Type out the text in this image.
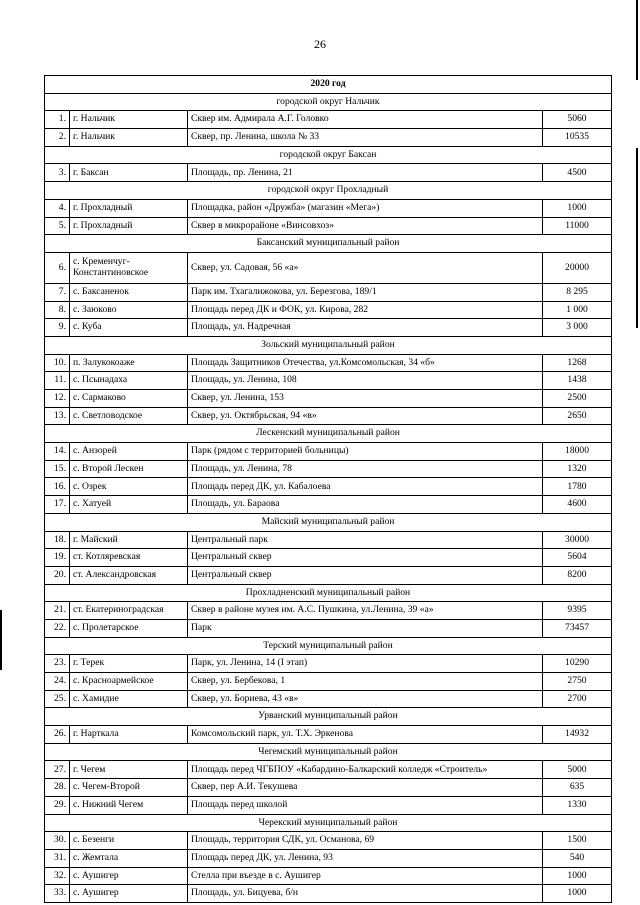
26
2020 год			
городской округ Нальчик			
1.	г. Нальчик	Сквер им. Адмирала А.Г. Головко	5060
2.	г. Нальчик	Сквер, пр. Ленина, школа № 33	10535
городской округ Баксан			
3.	г. Баксан	Площадь, пр. Ленина, 21	4500
городской округ Прохладный			
4.	г. Прохладный	Площадка, район «Дружба» (магазин «Мега»)	1000
5.	г. Прохладный	Сквер в микрорайоне «Винсовхоз»	11000
Баксанский муниципальный район			
6.	с. Кременчуг-Константиновское	Сквер, ул. Садовая, 56 «а»	20000
7.	с. Баксаненок	Парк им. Тхагалижокова, ул. Березгова, 189/1	8 295
8.	с. Заюково	Площадь перед ДК и ФОК, ул. Кирова, 282	1 000
9.	с. Куба	Площадь, ул. Надречная	3 000
Зольский муниципальный район			
10.	п. Залукокоаже	Площадь Защитников Отечества, ул.Комсомольская, 34 «б»	1268
11.	с. Псынадаха	Площадь, ул. Ленина, 108	1438
12.	с. Сармаково	Сквер, ул. Ленина, 153	2500
13.	с. Светловодское	Сквер, ул. Октябрьская, 94 «в»	2650
Лескенский муниципальный район			
14.	с. Анзорей	Парк (рядом с территорией больницы)	18000
15.	с. Второй Лескен	Площадь, ул. Ленина, 78	1320
16.	с. Озрек	Площадь перед ДК, ул. Кабалоева	1780
17.	с. Хатуей	Площадь, ул. Бараова	4600
Майский муниципальный район			
18.	г. Майский	Центральный парк	30000
19.	ст. Котляревская	Центральный сквер	5604
20.	ст. Александровская	Центральный сквер	8200
Прохладненский муниципальный район			
21.	ст. Екатериноградская	Сквер в районе музея им. А.С. Пушкина, ул.Ленина, 39 «а»	9395
22.	с. Пролетарское	Парк	73457
Терский муниципальный район			
23.	г. Терек	Парк, ул. Ленина, 14 (I этап)	10290
24.	с. Красноармейское	Сквер, ул. Бербекова, 1	2750
25.	с. Хамидие	Сквер, ул. Бориева, 43 «в»	2700
Урванский муниципальный район			
26.	г. Нарткала	Комсомольский парк, ул. Т.Х. Эркенова	14932
Чегемский муниципальный район			
27.	г. Чегем	Площадь перед ЧГБПОУ «Кабардино-Балкарский колледж «Строитель»	5000
28.	с. Чегем-Второй	Сквер, пер А.И. Текушева	635
29.	с. Нижний Чегем	Площадь перед школой	1330
Черекский муниципальный район			
30.	с. Безенги	Площадь, территория СДК, ул. Османова, 69	1500
31.	с. Жемтала	Площадь перед ДК, ул. Ленина, 93	540
32.	с. Аушигер	Стелла при въезде в с. Аушигер	1000
33.	с. Аушигер	Площадь, ул. Бицуева, б/н	1000
